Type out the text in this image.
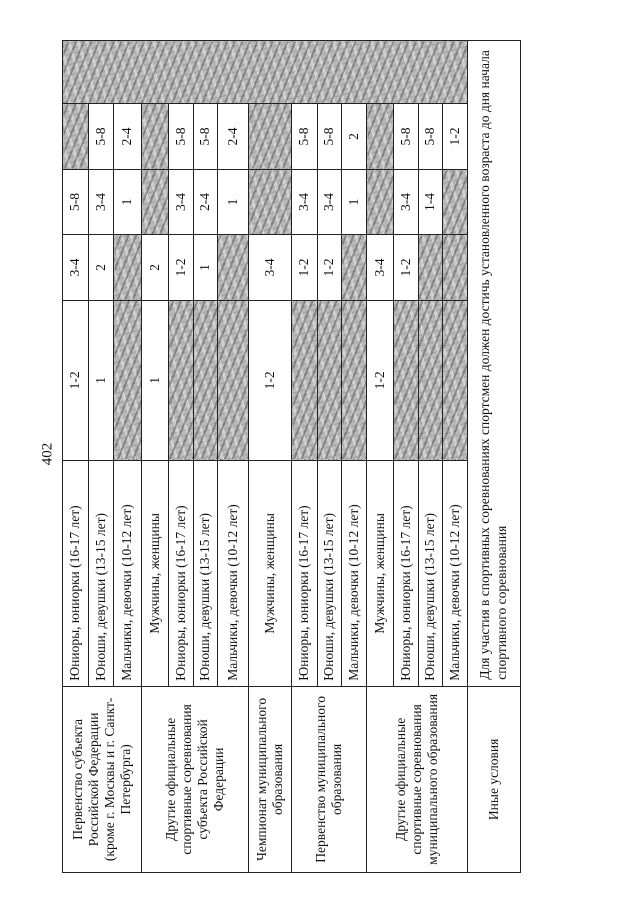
402
Первенство субъекта Российской Федерации (кроме г. Москвы и г. Санкт-Петербурга)	Юниоры, юниорки (16-17 лет)	1-2	3-4	5-8		
	Юноши, девушки (13-15 лет)	1	2	3-4	5-8	
	Мальчики, девочки (10-12 лет)			1	2-4	
Другие официальные спортивные соревнования субъекта Российской Федерации	Мужчины, женщины	1	2			
	Юниоры, юниорки (16-17 лет)		1-2	3-4	5-8	
	Юноши, девушки (13-15 лет)		1	2-4	5-8	
	Мальчики, девочки (10-12 лет)			1	2-4	
Чемпионат муниципального образования	Мужчины, женщины	1-2	3-4			
Первенство муниципального образования	Юниоры, юниорки (16-17 лет)		1-2	3-4	5-8	
	Юноши, девушки (13-15 лет)		1-2	3-4	5-8	
	Мальчики, девочки (10-12 лет)			1	2	
Другие официальные спортивные соревнования муниципального образования	Мужчины, женщины	1-2	3-4			
	Юниоры, юниорки (16-17 лет)		1-2	3-4	5-8	
	Юноши, девушки (13-15 лет)			1-4	5-8	
	Мальчики, девочки (10-12 лет)				1-2	
Иные условия	Для участия в спортивных соревнованиях спортсмен должен достичь установленного возраста до дня начала спортивного соревнования					
